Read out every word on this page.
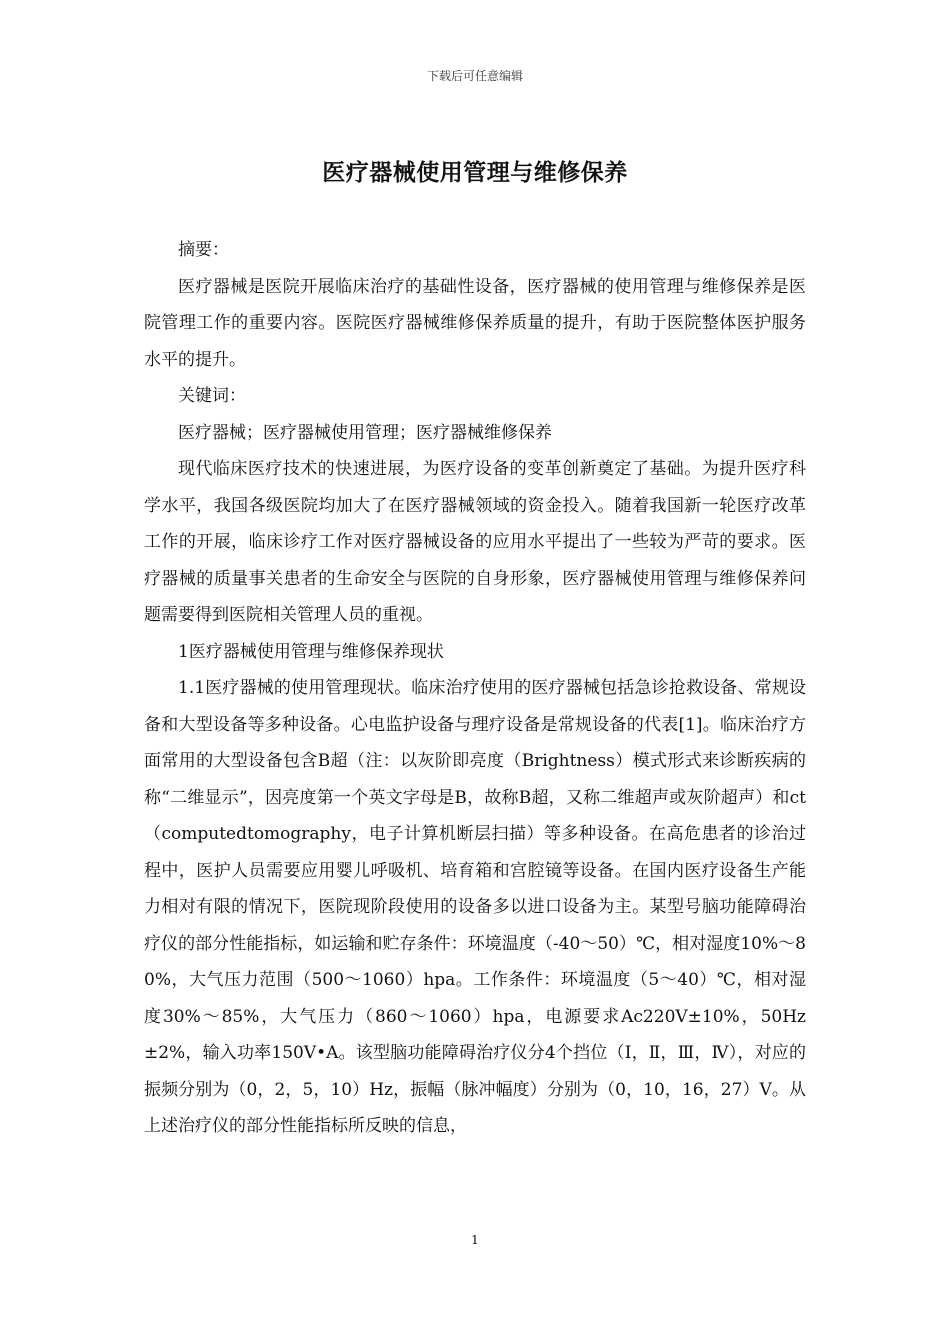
下载后可任意编辑
医疗器械使用管理与维修保养

摘要：

医疗器械是医院开展临床治疗的基础性设备，医疗器械的使用管理与维修保养是医院管理工作的重要内容。医院医疗器械维修保养质量的提升，有助于医院整体医护服务水平的提升。

关键词：

医疗器械；医疗器械使用管理；医疗器械维修保养

现代临床医疗技术的快速进展，为医疗设备的变革创新奠定了基础。为提升医疗科学水平，我国各级医院均加大了在医疗器械领域的资金投入。随着我国新一轮医疗改革工作的开展，临床诊疗工作对医疗器械设备的应用水平提出了一些较为严苛的要求。医疗器械的质量事关患者的生命安全与医院的自身形象，医疗器械使用管理与维修保养问题需要得到医院相关管理人员的重视。

1医疗器械使用管理与维修保养现状

1.1医疗器械的使用管理现状。临床治疗使用的医疗器械包括急诊抢救设备、常规设备和大型设备等多种设备。心电监护设备与理疗设备是常规设备的代表[1]。临床治疗方面常用的大型设备包含B超（注：以灰阶即亮度（Brightness）模式形式来诊断疾病的称“二维显示”，因亮度第一个英文字母是B，故称B超，又称二维超声或灰阶超声）和ct（computedtomography，电子计算机断层扫描）等多种设备。在高危患者的诊治过程中，医护人员需要应用婴儿呼吸机、培育箱和宫腔镜等设备。在国内医疗设备生产能力相对有限的情况下，医院现阶段使用的设备多以进口设备为主。某型号脑功能障碍治疗仪的部分性能指标，如运输和贮存条件：环境温度（-40～50）℃，相对湿度10%～80%，大气压力范围（500～1060）hpa。工作条件：环境温度（5～40）℃，相对湿度30%～85%，大气压力（860～1060）hpa，电源要求Ac220V±10%，50Hz±2%，输入功率150V•A。该型脑功能障碍治疗仪分4个挡位（Ⅰ，Ⅱ，Ⅲ，Ⅳ），对应的振频分别为（0，2，5，10）Hz，振幅（脉冲幅度）分别为（0，10，16，27）V。从上述治疗仪的部分性能指标所反映的信息，

1
